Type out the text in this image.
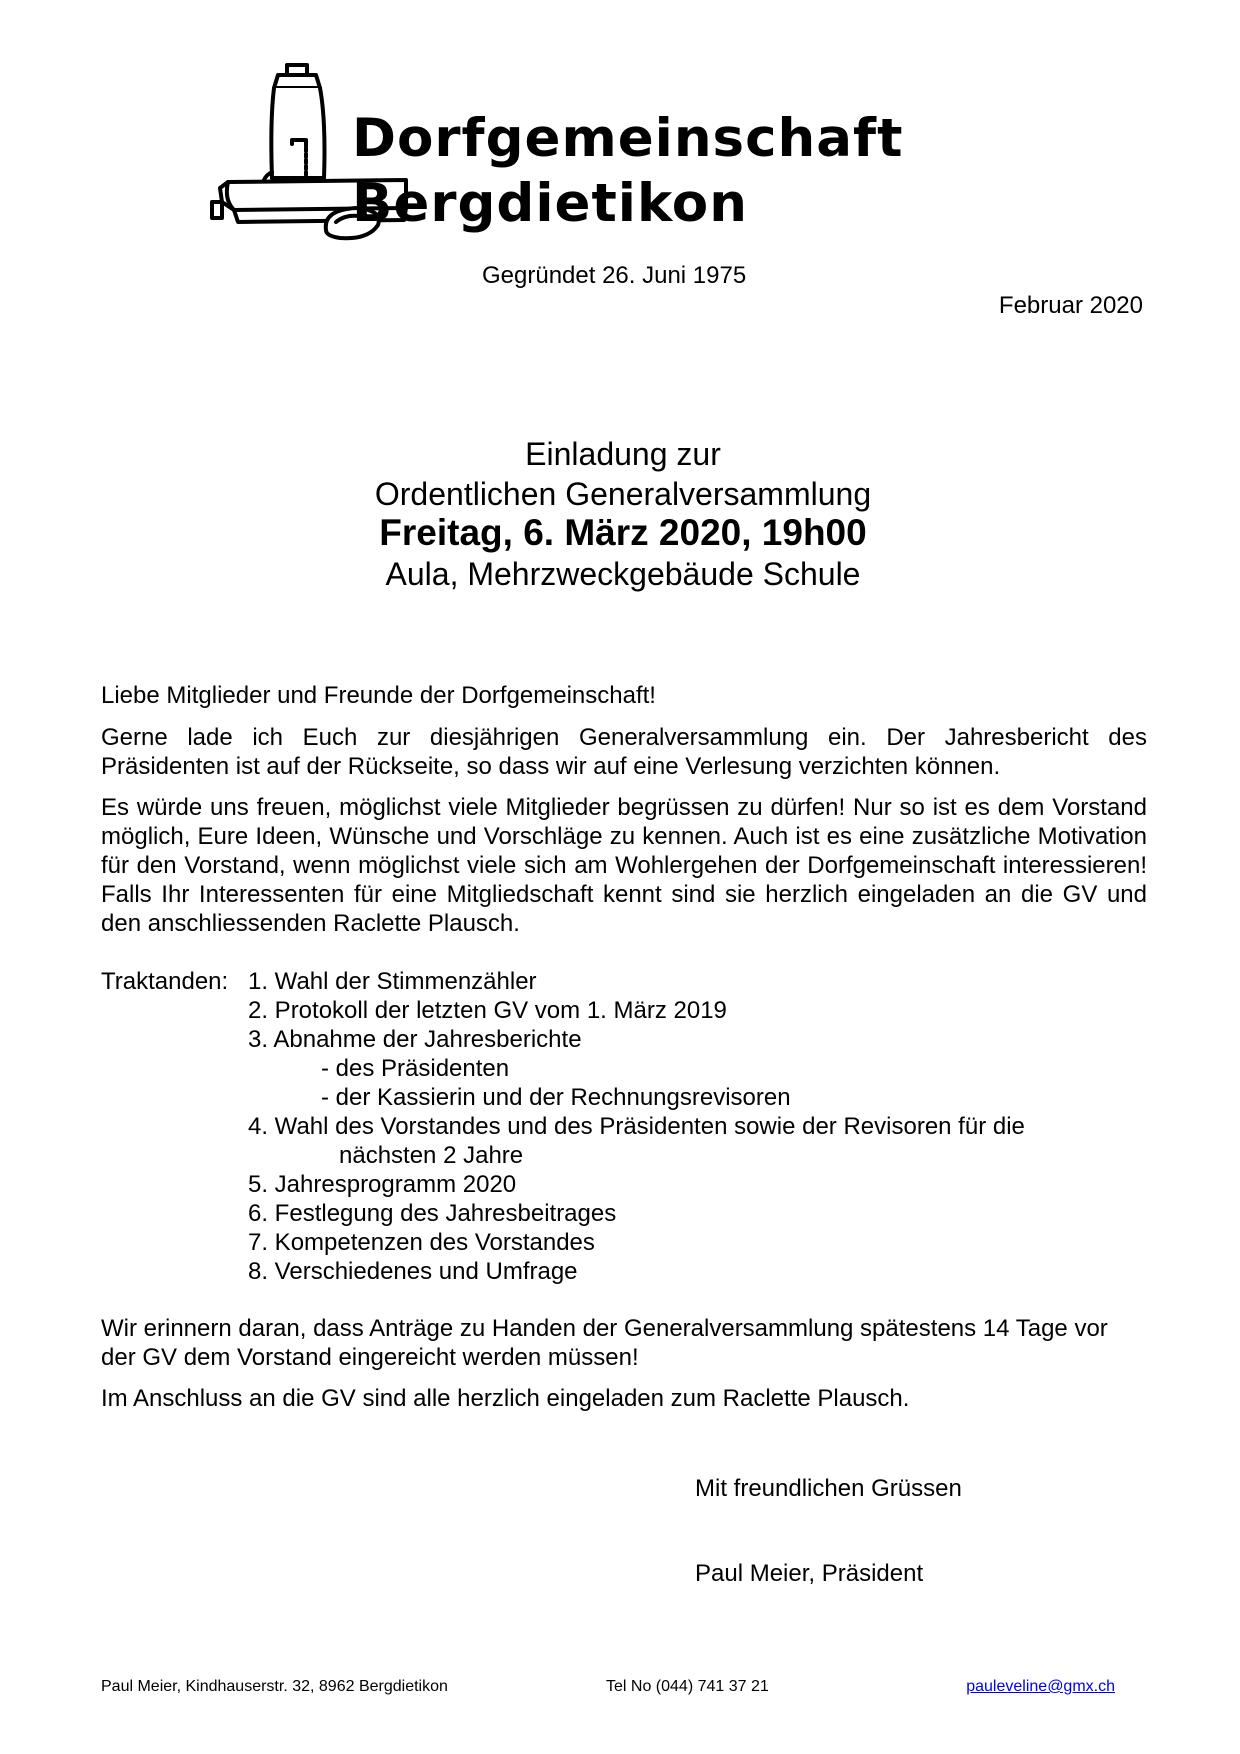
Dorfgemeinschaft
Bergdietikon
Gegründet 26. Juni 1975
Februar 2020
Einladung zur
Ordentlichen Generalversammlung
Freitag, 6. März 2020, 19h00
Aula, Mehrzweckgebäude Schule
Liebe Mitglieder und Freunde der Dorfgemeinschaft!
Gerne lade ich Euch zur diesjährigen Generalversammlung ein. Der Jahresbericht des Präsidenten ist auf der Rückseite, so dass wir auf eine Verlesung verzichten können.
Es würde uns freuen, möglichst viele Mitglieder begrüssen zu dürfen! Nur so ist es dem Vorstand möglich, Eure Ideen, Wünsche und Vorschläge zu kennen. Auch ist es eine zusätzliche Motivation für den Vorstand, wenn möglichst viele sich am Wohlergehen der Dorfgemeinschaft interessieren! Falls Ihr Interessenten für eine Mitgliedschaft kennt sind sie herzlich eingeladen an die GV und den anschliessenden Raclette Plausch.
Traktanden: 1. Wahl der Stimmenzähler
2. Protokoll der letzten GV vom 1. März 2019
3. Abnahme der Jahresberichte
- des Präsidenten
- der Kassierin und der Rechnungsrevisoren
4. Wahl des Vorstandes und des Präsidenten sowie der Revisoren für die
nächsten 2 Jahre
5. Jahresprogramm 2020
6. Festlegung des Jahresbeitrages
7. Kompetenzen des Vorstandes
8. Verschiedenes und Umfrage
Wir erinnern daran, dass Anträge zu Handen der Generalversammlung spätestens 14 Tage vor der GV dem Vorstand eingereicht werden müssen!
Im Anschluss an die GV sind alle herzlich eingeladen zum Raclette Plausch.
Mit freundlichen Grüssen
Paul Meier, Präsident
Paul Meier, Kindhauserstr. 32, 8962 Bergdietikon	Tel No (044) 741 37 21	pauleveline@gmx.ch
